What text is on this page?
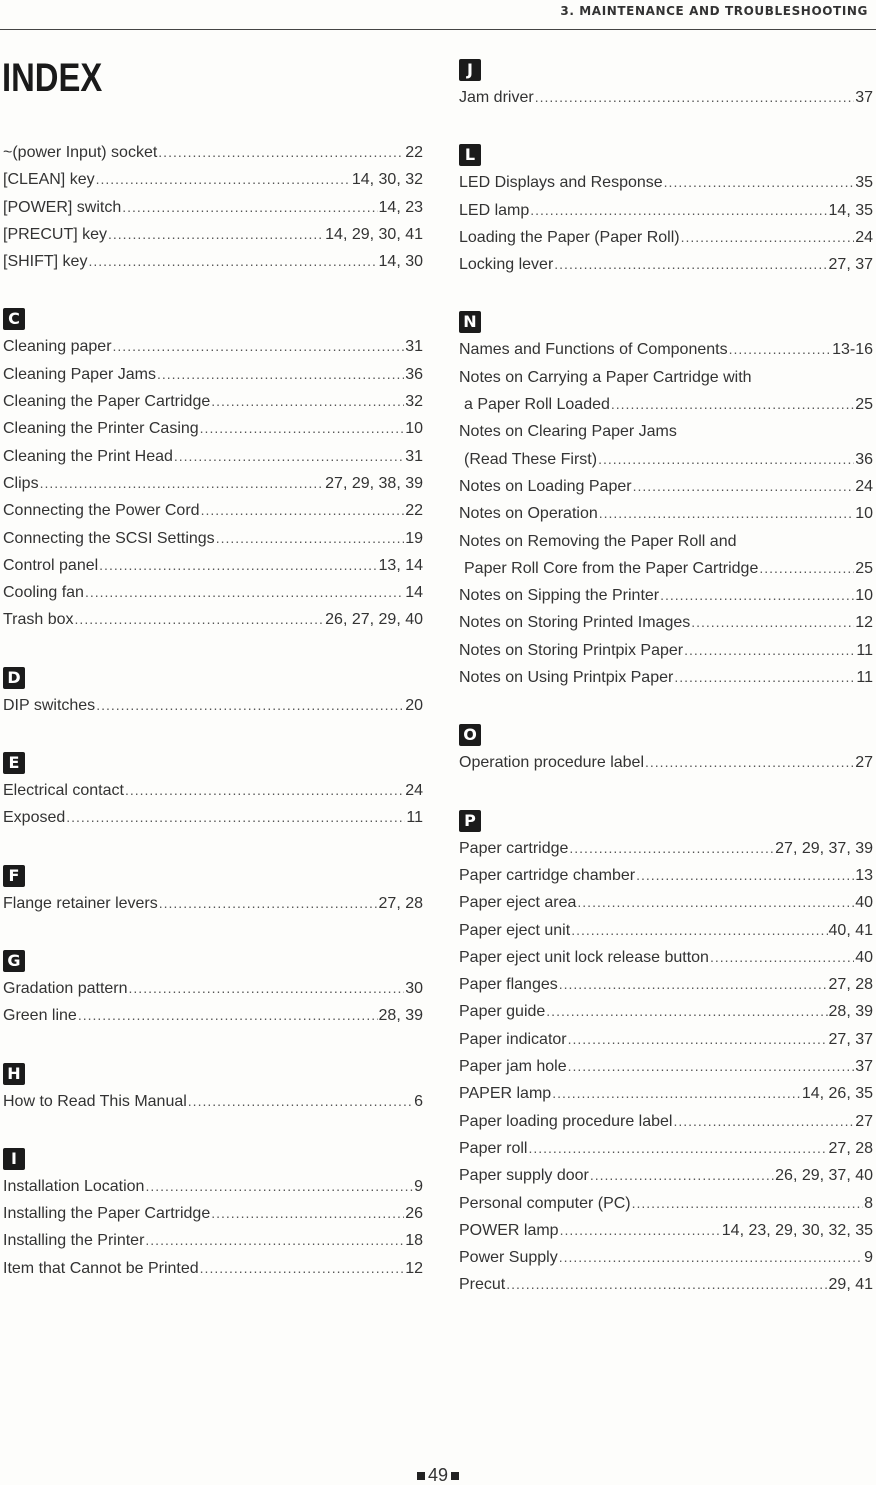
3. MAINTENANCE AND TROUBLESHOOTING
INDEX
~(power Input) socket .....	22
[CLEAN] key .....	14, 30, 32
[POWER] switch .....	14, 23
[PRECUT] key .....	14, 29, 30, 41
[SHIFT] key .....	14, 30
C
Cleaning paper .....	31
Cleaning Paper Jams .....	36
Cleaning the Paper Cartridge .....	32
Cleaning the Printer Casing .....	10
Cleaning the Print Head .....	31
Clips .....	27, 29, 38, 39
Connecting the Power Cord .....	22
Connecting the SCSI Settings .....	19
Control panel .....	13, 14
Cooling fan .....	14
Trash box .....	26, 27, 29, 40
D
DIP switches .....	20
E
Electrical contact .....	24
Exposed .....	11
F
Flange retainer levers .....	27, 28
G
Gradation pattern .....	30
Green line .....	28, 39
H
How to Read This Manual .....	6
I
Installation Location .....	9
Installing the Paper Cartridge .....	26
Installing the Printer .....	18
Item that Cannot be Printed .....	12
J
Jam driver .....	37
L
LED Displays and Response .....	35
LED lamp .....	14, 35
Loading the Paper (Paper Roll) .....	24
Locking lever .....	27, 37
N
Names and Functions of Components .....	13-16
Notes on Carrying a Paper Cartridge with
a Paper Roll Loaded .....	25
Notes on Clearing Paper Jams
(Read These First) .....	36
Notes on Loading Paper .....	24
Notes on Operation .....	10
Notes on Removing the Paper Roll and
Paper Roll Core from the Paper Cartridge .....	25
Notes on Sipping the Printer .....	10
Notes on Storing Printed Images .....	12
Notes on Storing Printpix Paper .....	11
Notes on Using Printpix Paper .....	11
O
Operation procedure label .....	27
P
Paper cartridge .....	27, 29, 37, 39
Paper cartridge chamber .....	13
Paper eject area .....	40
Paper eject unit .....	40, 41
Paper eject unit lock release button .....	40
Paper flanges .....	27, 28
Paper guide .....	28, 39
Paper indicator .....	27, 37
Paper jam hole .....	37
PAPER lamp .....	14, 26, 35
Paper loading procedure label .....	27
Paper roll .....	27, 28
Paper supply door .....	26, 29, 37, 40
Personal computer (PC) .....	8
POWER lamp .....	14, 23, 29, 30, 32, 35
Power Supply .....	9
Precut .....	29, 41
49
